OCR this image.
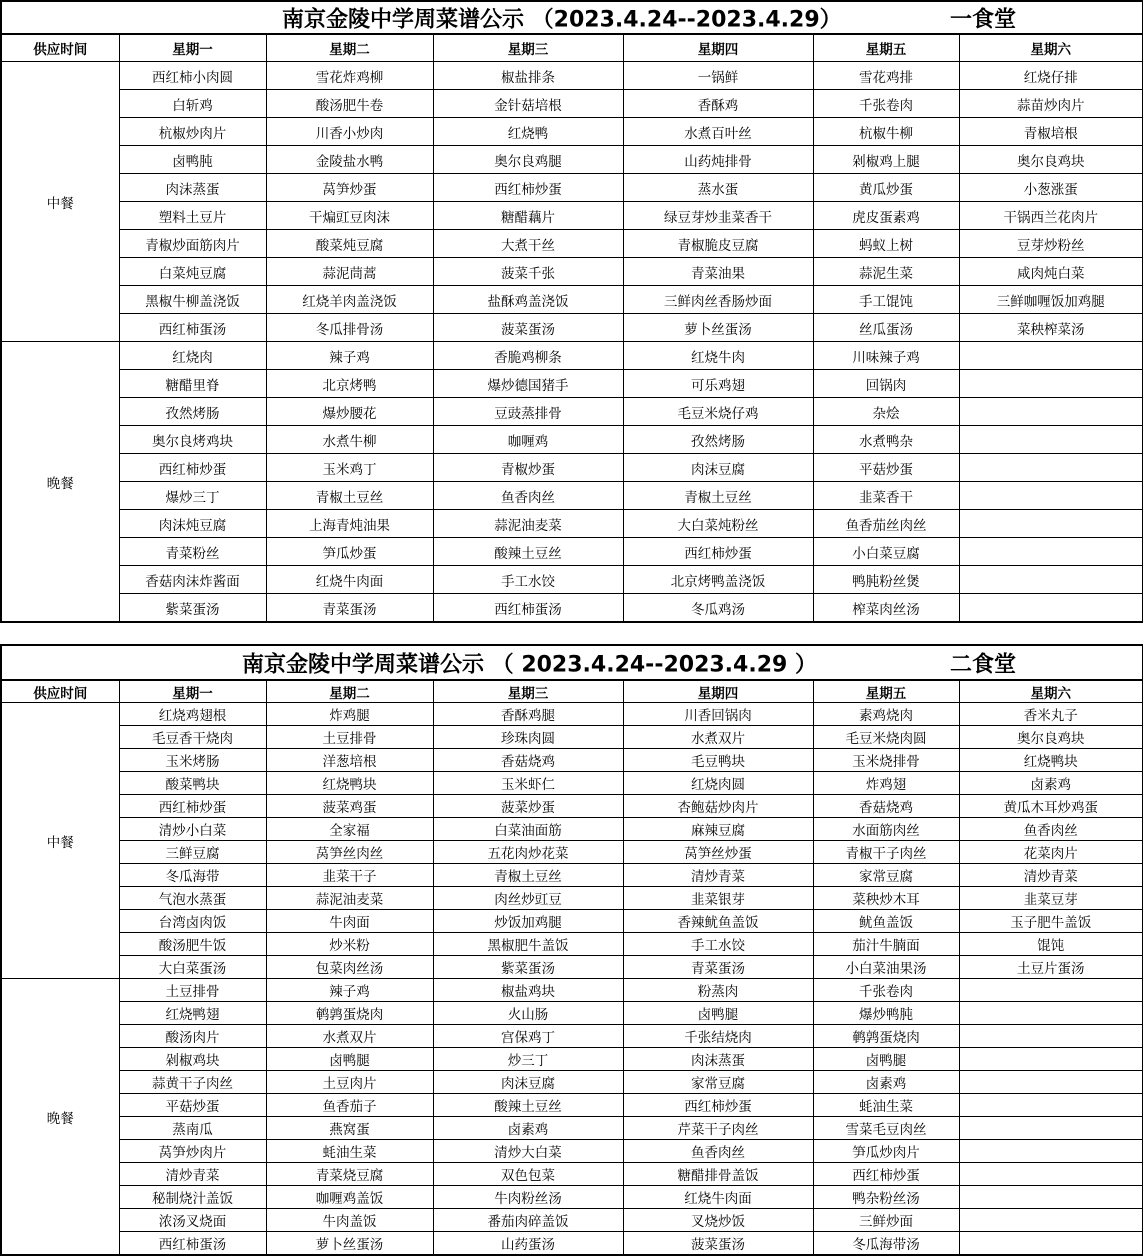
南京金陵中学周菜谱公示 （2023.4.24--2023.4.29） 一食堂						

供应时间	星期一	星期二	星期三	星期四	星期五	星期六
中餐	西红柿小肉圆	雪花炸鸡柳	椒盐排条	一锅鲜	雪花鸡排	红烧仔排
	白斩鸡	酸汤肥牛卷	金针菇培根	香酥鸡	千张卷肉	蒜苗炒肉片
	杭椒炒肉片	川香小炒肉	红烧鸭	水煮百叶丝	杭椒牛柳	青椒培根
	卤鸭肫	金陵盐水鸭	奥尔良鸡腿	山药炖排骨	剁椒鸡上腿	奥尔良鸡块
	肉沫蒸蛋	莴笋炒蛋	西红柿炒蛋	蒸水蛋	黄瓜炒蛋	小葱涨蛋
	塑料土豆片	干煸豇豆肉沫	糖醋藕片	绿豆芽炒韭菜香干	虎皮蛋素鸡	干锅西兰花肉片
	青椒炒面筋肉片	酸菜炖豆腐	大煮干丝	青椒脆皮豆腐	蚂蚁上树	豆芽炒粉丝
	白菜炖豆腐	蒜泥茼蒿	菠菜千张	青菜油果	蒜泥生菜	咸肉炖白菜
	黑椒牛柳盖浇饭	红烧羊肉盖浇饭	盐酥鸡盖浇饭	三鲜肉丝香肠炒面	手工馄饨	三鲜咖喱饭加鸡腿
	西红柿蛋汤	冬瓜排骨汤	菠菜蛋汤	萝卜丝蛋汤	丝瓜蛋汤	菜秧榨菜汤
晚餐	红烧肉	辣子鸡	香脆鸡柳条	红烧牛肉	川味辣子鸡	
	糖醋里脊	北京烤鸭	爆炒德国猪手	可乐鸡翅	回锅肉	
	孜然烤肠	爆炒腰花	豆豉蒸排骨	毛豆米烧仔鸡	杂烩	
	奥尔良烤鸡块	水煮牛柳	咖喱鸡	孜然烤肠	水煮鸭杂	
	西红柿炒蛋	玉米鸡丁	青椒炒蛋	肉沫豆腐	平菇炒蛋	
	爆炒三丁	青椒土豆丝	鱼香肉丝	青椒土豆丝	韭菜香干	
	肉沫炖豆腐	上海青炖油果	蒜泥油麦菜	大白菜炖粉丝	鱼香茄丝肉丝	
	青菜粉丝	笋瓜炒蛋	酸辣土豆丝	西红柿炒蛋	小白菜豆腐	
	香菇肉沫炸酱面	红烧牛肉面	手工水饺	北京烤鸭盖浇饭	鸭肫粉丝煲	
	紫菜蛋汤	青菜蛋汤	西红柿蛋汤	冬瓜鸡汤	榨菜肉丝汤	
南京金陵中学周菜谱公示 （ 2023.4.24--2023.4.29 ） 二食堂						

供应时间	星期一	星期二	星期三	星期四	星期五	星期六
中餐	红烧鸡翅根	炸鸡腿	香酥鸡腿	川香回锅肉	素鸡烧肉	香米丸子
	毛豆香干烧肉	土豆排骨	珍珠肉圆	水煮双片	毛豆米烧肉圆	奥尔良鸡块
	玉米烤肠	洋葱培根	香菇烧鸡	毛豆鸭块	玉米烧排骨	红烧鸭块
	酸菜鸭块	红烧鸭块	玉米虾仁	红烧肉圆	炸鸡翅	卤素鸡
	西红柿炒蛋	菠菜鸡蛋	菠菜炒蛋	杏鲍菇炒肉片	香菇烧鸡	黄瓜木耳炒鸡蛋
	清炒小白菜	全家福	白菜油面筋	麻辣豆腐	水面筋肉丝	鱼香肉丝
	三鲜豆腐	莴笋丝肉丝	五花肉炒花菜	莴笋丝炒蛋	青椒干子肉丝	花菜肉片
	冬瓜海带	韭菜干子	青椒土豆丝	清炒青菜	家常豆腐	清炒青菜
	气泡水蒸蛋	蒜泥油麦菜	肉丝炒豇豆	韭菜银芽	菜秧炒木耳	韭菜豆芽
	台湾卤肉饭	牛肉面	炒饭加鸡腿	香辣鱿鱼盖饭	鱿鱼盖饭	玉子肥牛盖饭
	酸汤肥牛饭	炒米粉	黑椒肥牛盖饭	手工水饺	茄汁牛腩面	馄饨
	大白菜蛋汤	包菜肉丝汤	紫菜蛋汤	青菜蛋汤	小白菜油果汤	土豆片蛋汤
晚餐	土豆排骨	辣子鸡	椒盐鸡块	粉蒸肉	千张卷肉	
	红烧鸭翅	鹌鹑蛋烧肉	火山肠	卤鸭腿	爆炒鸭肫	
	酸汤肉片	水煮双片	宫保鸡丁	千张结烧肉	鹌鹑蛋烧肉	
	剁椒鸡块	卤鸭腿	炒三丁	肉沫蒸蛋	卤鸭腿	
	蒜黄干子肉丝	土豆肉片	肉沫豆腐	家常豆腐	卤素鸡	
	平菇炒蛋	鱼香茄子	酸辣土豆丝	西红柿炒蛋	蚝油生菜	
	蒸南瓜	燕窝蛋	卤素鸡	芹菜干子肉丝	雪菜毛豆肉丝	
	莴笋炒肉片	蚝油生菜	清炒大白菜	鱼香肉丝	笋瓜炒肉片	
	清炒青菜	青菜烧豆腐	双色包菜	糖醋排骨盖饭	西红柿炒蛋	
	秘制烧汁盖饭	咖喱鸡盖饭	牛肉粉丝汤	红烧牛肉面	鸭杂粉丝汤	
	浓汤叉烧面	牛肉盖饭	番茄肉碎盖饭	叉烧炒饭	三鲜炒面	
	西红柿蛋汤	萝卜丝蛋汤	山药蛋汤	菠菜蛋汤	冬瓜海带汤	
